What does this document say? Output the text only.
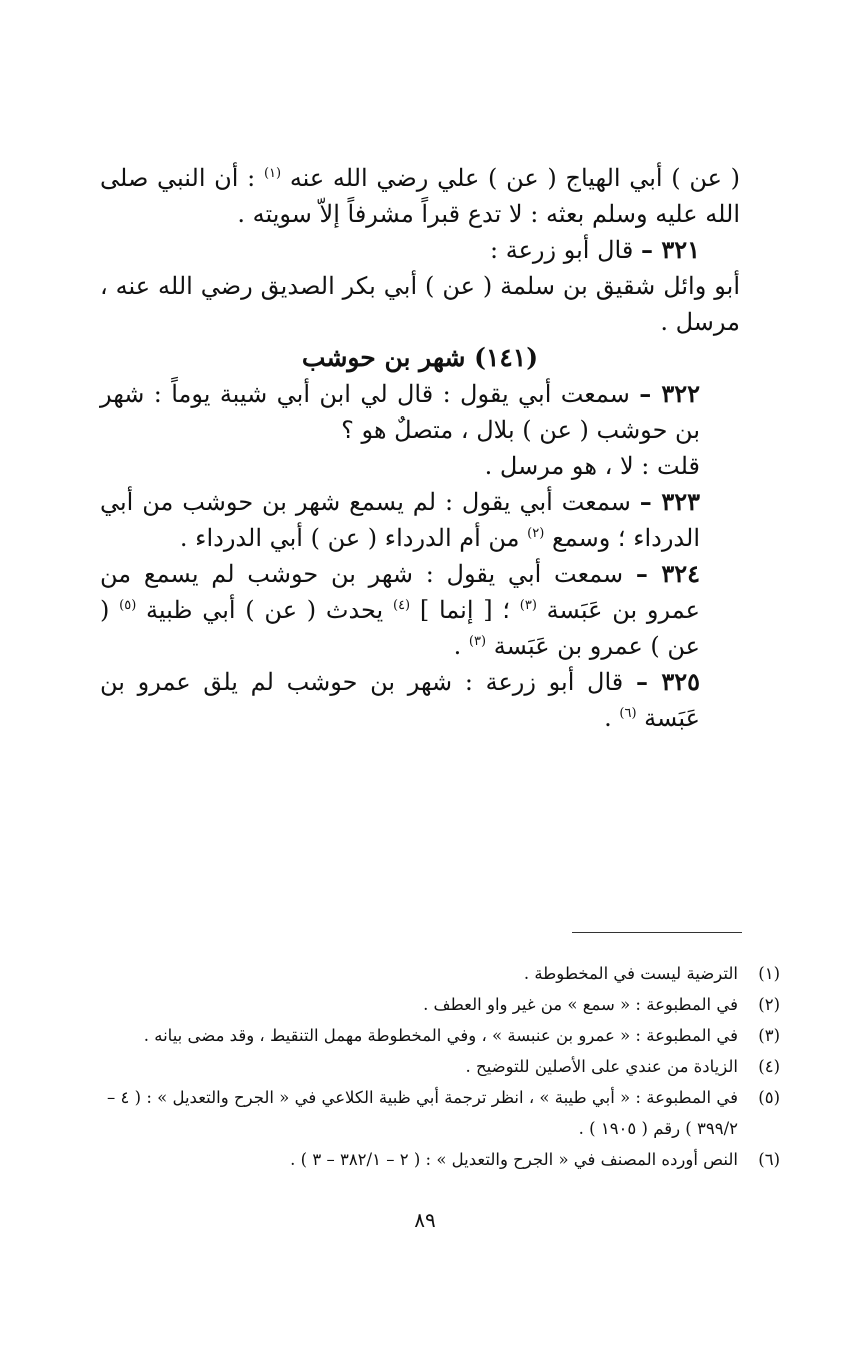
( عن ) أبي الهياج ( عن ) علي رضي الله عنه $^{(١)}$ : أن النبي صلى الله عليه وسلم بعثه : لا تدع قبراً مشرفاً إلاّ سويته .

٣٢١ – قال أبو زرعة :

أبو وائل شقيق بن سلمة ( عن ) أبي بكر الصديق رضي الله عنه ، مرسل .

(١٤١) شهر بن حوشب

٣٢٢ – سمعت أبي يقول : قال لي ابن أبي شيبة يوماً : شهر بن حوشب ( عن ) بلال ، متصلٌ هو ؟

قلت : لا ، هو مرسل .

٣٢٣ – سمعت أبي يقول : لم يسمع شهر بن حوشب من أبي الدرداء ؛ وسمع $^{(٢)}$ من أم الدرداء ( عن ) أبي الدرداء .

٣٢٤ – سمعت أبي يقول : شهر بن حوشب لم يسمع من عمرو بن عَبَسة $^{(٣)}$ ؛ [ إنما ] $^{(٤)}$ يحدث ( عن ) أبي ظبية $^{(٥)}$ ( عن ) عمرو بن عَبَسة $^{(٣)}$ .

٣٢٥ – قال أبو زرعة : شهر بن حوشب لم يلق عمرو بن عَبَسة $^{(٦)}$ .

(١)
الترضية ليست في المخطوطة .
(٢)
في المطبوعة : « سمع » من غير واو العطف .
(٣)
في المطبوعة : « عمرو بن عنبسة » ، وفي المخطوطة مهمل التنقيط ، وقد مضى بيانه .
(٤)
الزيادة من عندي على الأصلين للتوضيح .
(٥)
في المطبوعة : « أبي طيبة » ، انظر ترجمة أبي ظبية الكلاعي في « الجرح والتعديل » : ( ٤ – ٣٩٩/٢ ) رقم ( ١٩٠٥ ) .
(٦)
النص أورده المصنف في « الجرح والتعديل » : ( ٢ – ٣٨٢/١ – ٣ ) .
٨٩
